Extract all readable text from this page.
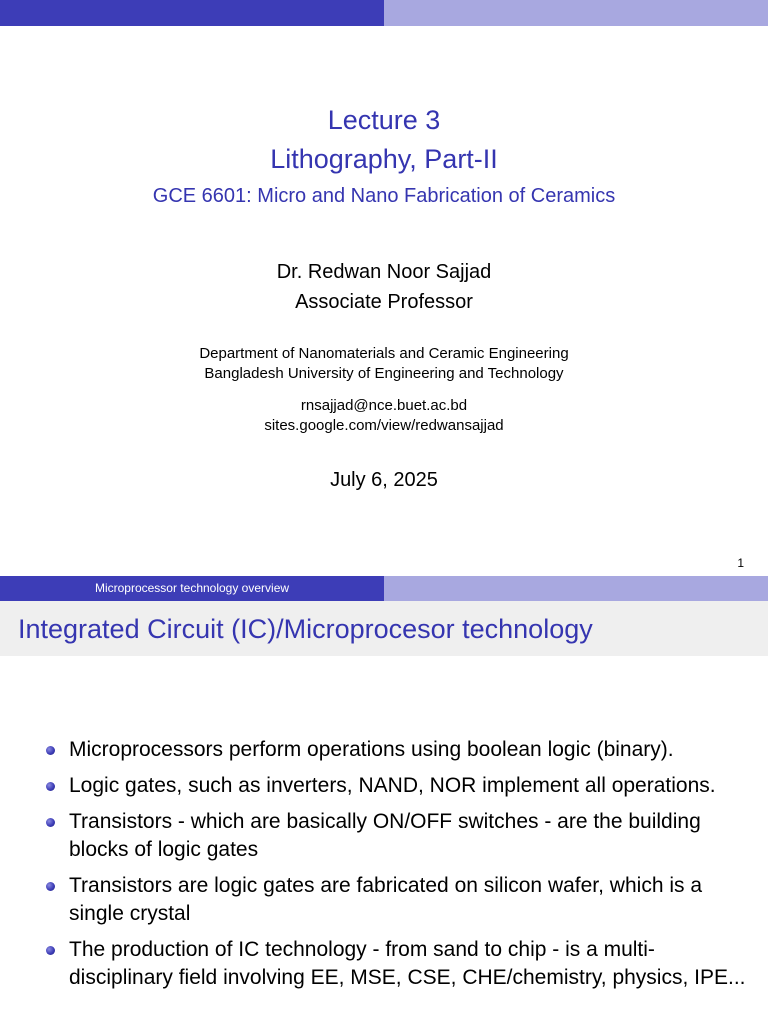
Lecture 3
Lithography, Part-II
GCE 6601: Micro and Nano Fabrication of Ceramics
Dr. Redwan Noor Sajjad
Associate Professor
Department of Nanomaterials and Ceramic Engineering
Bangladesh University of Engineering and Technology
rnsajjad@nce.buet.ac.bd
sites.google.com/view/redwansajjad
July 6, 2025
1
Microprocessor technology overview
Integrated Circuit (IC)/Microprocesor technology
Microprocessors perform operations using boolean logic (binary).
Logic gates, such as inverters, NAND, NOR implement all operations.
Transistors - which are basically ON/OFF switches - are the building blocks of logic gates
Transistors are logic gates are fabricated on silicon wafer, which is a single crystal
The production of IC technology - from sand to chip - is a multi-disciplinary field involving EE, MSE, CSE, CHE/chemistry, physics, IPE...
